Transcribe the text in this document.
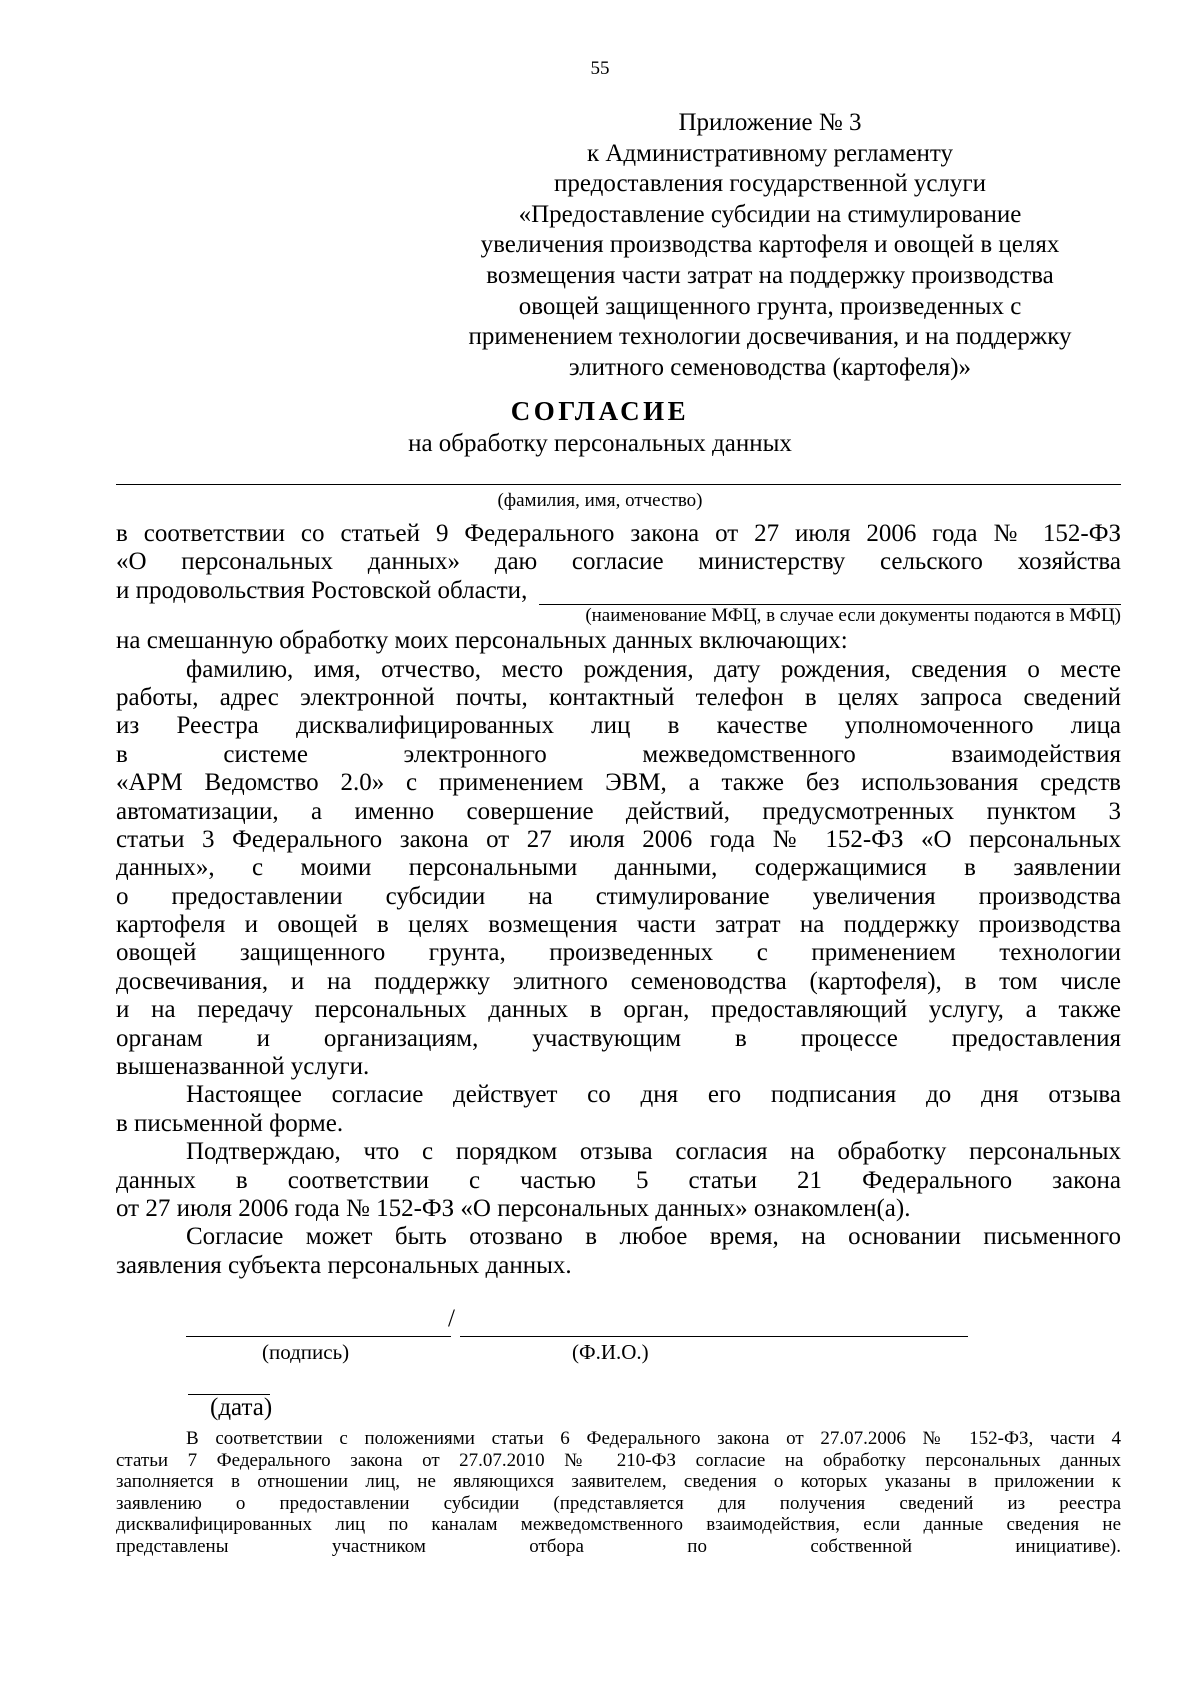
55
Приложение № 3
к Административному регламенту
предоставления государственной услуги
«Предоставление субсидии на стимулирование
увеличения производства картофеля и овощей в целях
возмещения части затрат на поддержку производства
овощей защищенного грунта, произведенных с
применением технологии досвечивания, и на поддержку
элитного семеноводства (картофеля)»
СОГЛАСИЕ
на обработку персональных данных
(фамилия, имя, отчество)
в соответствии со статьей 9 Федерального закона от 27 июля 2006 года № 152-ФЗ
«О персональных данных» даю согласие министерству сельского хозяйства
и продовольствия Ростовской области,
(наименование МФЦ, в случае если документы подаются в МФЦ)
на смешанную обработку моих персональных данных включающих:
фамилию, имя, отчество, место рождения, дату рождения, сведения о месте
работы, адрес электронной почты, контактный телефон в целях запроса сведений
из Реестра дисквалифицированных лиц в качестве уполномоченного лица
в системе электронного межведомственного взаимодействия
«АРМ Ведомство 2.0» с применением ЭВМ, а также без использования средств
автоматизации, а именно совершение действий, предусмотренных пунктом 3
статьи 3 Федерального закона от 27 июля 2006 года № 152-ФЗ «О персональных
данных», с моими персональными данными, содержащимися в заявлении
о предоставлении субсидии на стимулирование увеличения производства
картофеля и овощей в целях возмещения части затрат на поддержку производства
овощей защищенного грунта, произведенных с применением технологии
досвечивания, и на поддержку элитного семеноводства (картофеля), в том числе
и на передачу персональных данных в орган, предоставляющий услугу, а также
органам и организациям, участвующим в процессе предоставления
вышеназванной услуги.
Настоящее согласие действует со дня его подписания до дня отзыва
в письменной форме.
Подтверждаю, что с порядком отзыва согласия на обработку персональных
данных в соответствии с частью 5 статьи 21 Федерального закона
от 27 июля 2006 года № 152-ФЗ «О персональных данных» ознакомлен(а).
Согласие может быть отозвано в любое время, на основании письменного
заявления субъекта персональных данных.
/
(подпись)	(Ф.И.О.)
(дата)
В соответствии с положениями статьи 6 Федерального закона от 27.07.2006 № 152-ФЗ, части 4
статьи 7 Федерального закона от 27.07.2010 № 210-ФЗ согласие на обработку персональных данных
заполняется в отношении лиц, не являющихся заявителем, сведения о которых указаны в приложении к
заявлению о предоставлении субсидии (представляется для получения сведений из реестра
дисквалифицированных лиц по каналам межведомственного взаимодействия, если данные сведения не
представлены участником отбора по собственной инициативе).
